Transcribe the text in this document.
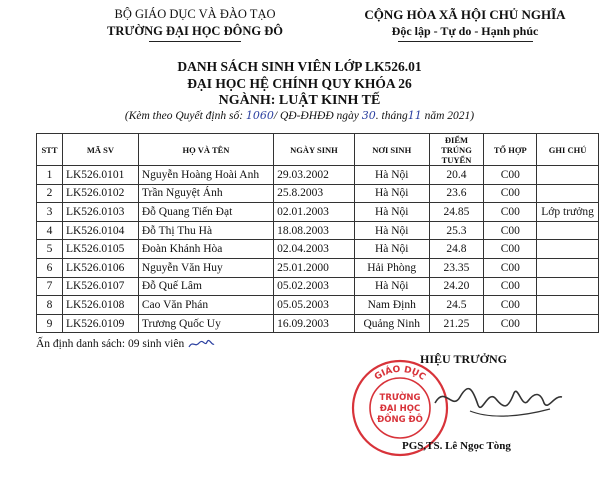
BỘ GIÁO DỤC VÀ ĐÀO TẠO
TRƯỜNG ĐẠI HỌC ĐÔNG ĐÔ
CỘNG HÒA XÃ HỘI CHỦ NGHĨA
Độc lập - Tự do - Hạnh phúc
DANH SÁCH SINH VIÊN LỚP LK526.01
ĐẠI HỌC HỆ CHÍNH QUY KHÓA 26
NGÀNH: LUẬT KINH TẾ
(Kèm theo Quyết định số: 1060/ QĐ-ĐHĐĐ ngày 30. tháng11 năm 2021)
STT	MÃ SV	HỌ VÀ TÊN	NGÀY SINH	NƠI SINH	ĐIỂM TRÚNG TUYỂN	TỔ HỢP	GHI CHÚ
1	LK526.0101	Nguyễn Hoàng Hoài Anh	29.03.2002	Hà Nội	20.4	C00	
2	LK526.0102	Trần Nguyệt Ánh	25.8.2003	Hà Nội	23.6	C00	
3	LK526.0103	Đỗ Quang Tiến Đạt	02.01.2003	Hà Nội	24.85	C00	Lớp trưởng
4	LK526.0104	Đỗ Thị Thu Hà	18.08.2003	Hà Nội	25.3	C00	
5	LK526.0105	Đoàn Khánh Hòa	02.04.2003	Hà Nội	24.8	C00	
6	LK526.0106	Nguyễn Văn Huy	25.01.2000	Hải Phòng	23.35	C00	
7	LK526.0107	Đỗ Quế Lâm	05.02.2003	Hà Nội	24.20	C00	
8	LK526.0108	Cao Văn Phán	05.05.2003	Nam Định	24.5	C00	
9	LK526.0109	Trương Quốc Uy	16.09.2003	Quảng Ninh	21.25	C00	
Ấn định danh sách: 09 sinh viên
HIỆU TRƯỞNG
GIÁO DỤC
TRƯỜNG
ĐẠI HỌC
ĐÔNG ĐÔ
PGS,TS. Lê Ngọc Tòng
